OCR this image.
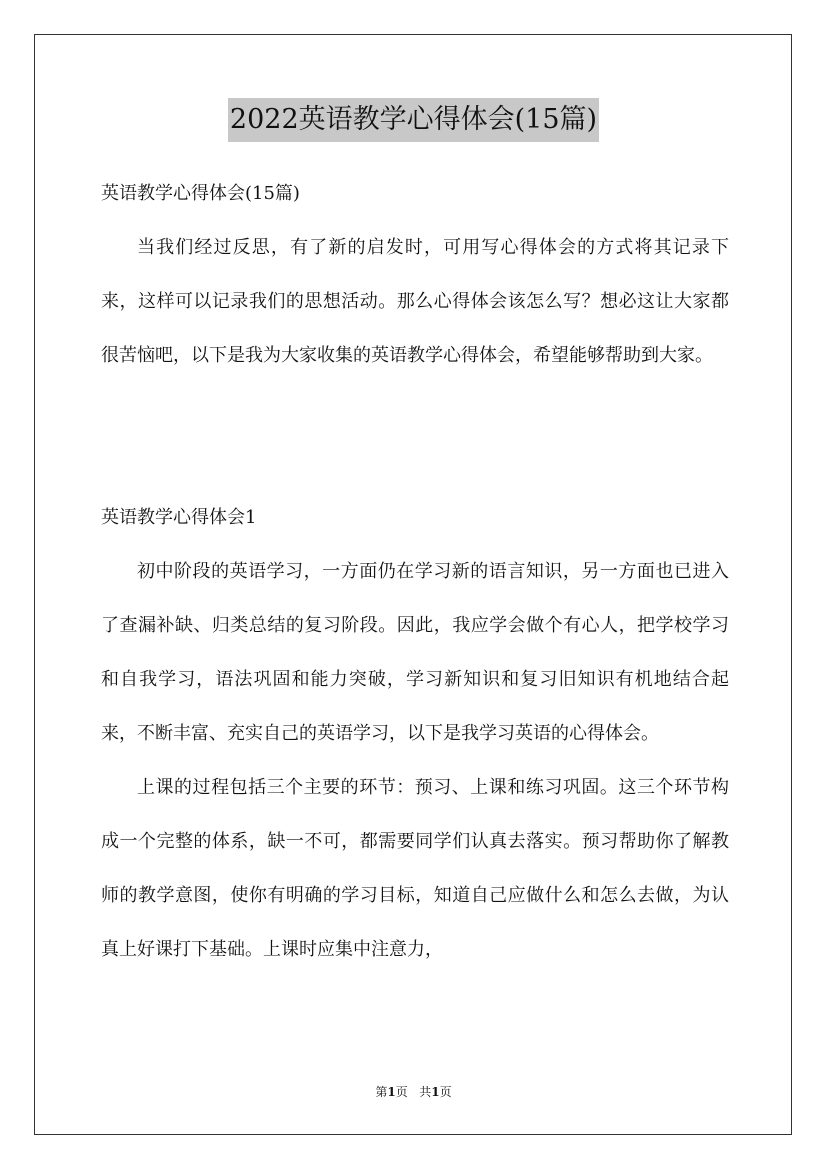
2022英语教学心得体会(15篇)
英语教学心得体会(15篇)

当我们经过反思，有了新的启发时，可用写心得体会的方式将其记录下来，这样可以记录我们的思想活动。那么心得体会该怎么写？想必这让大家都很苦恼吧，以下是我为大家收集的英语教学心得体会，希望能够帮助到大家。

英语教学心得体会1

初中阶段的英语学习，一方面仍在学习新的语言知识，另一方面也已进入了查漏补缺、归类总结的复习阶段。因此，我应学会做个有心人，把学校学习和自我学习，语法巩固和能力突破，学习新知识和复习旧知识有机地结合起来，不断丰富、充实自己的英语学习，以下是我学习英语的心得体会。

上课的过程包括三个主要的环节：预习、上课和练习巩固。这三个环节构成一个完整的体系，缺一不可，都需要同学们认真去落实。预习帮助你了解教师的教学意图，使你有明确的学习目标，知道自己应做什么和怎么去做，为认真上好课打下基础。上课时应集中注意力，

第1页 共1页
